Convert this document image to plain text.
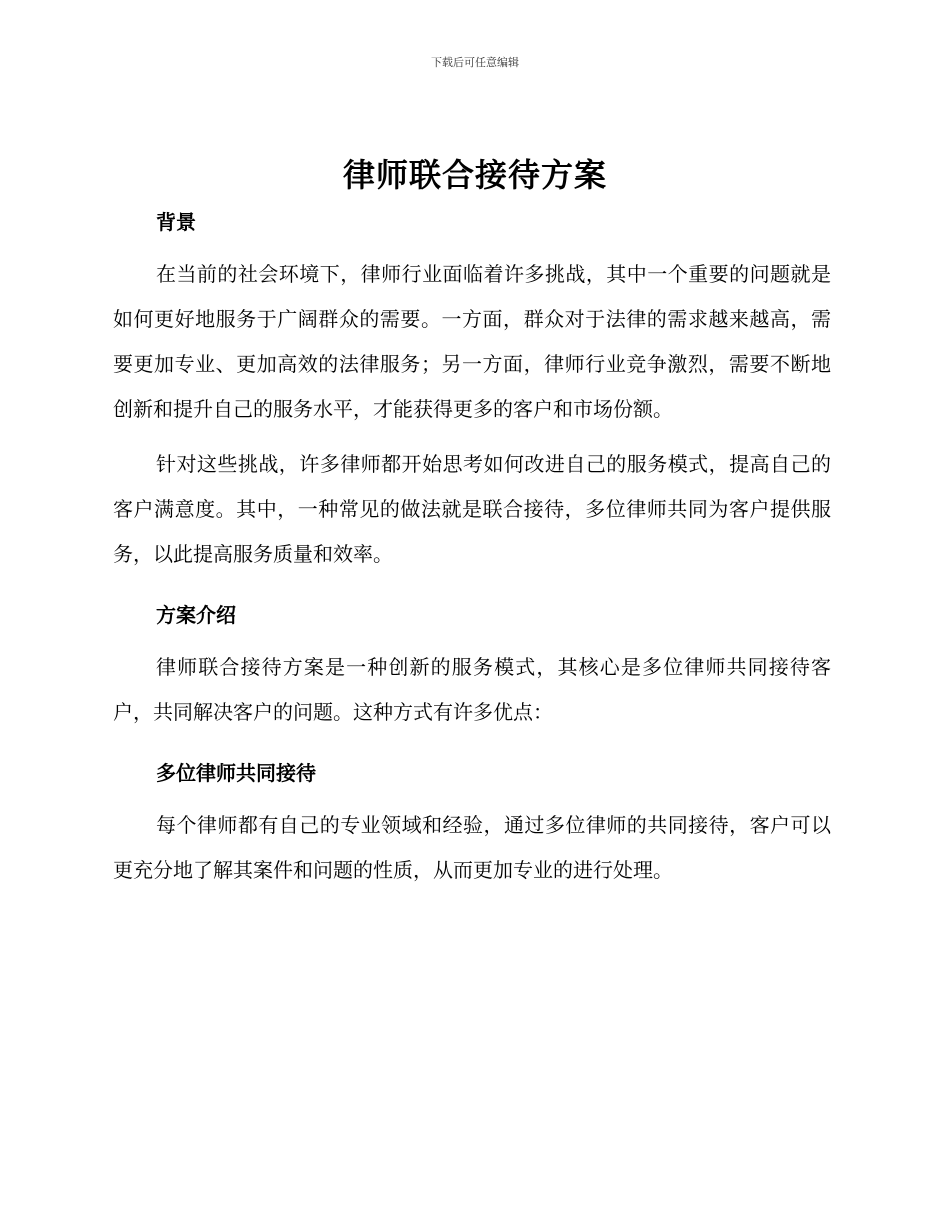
下载后可任意编辑
律师联合接待方案
背景

在当前的社会环境下，律师行业面临着许多挑战，其中一个重要的问题就是如何更好地服务于广阔群众的需要。一方面，群众对于法律的需求越来越高，需要更加专业、更加高效的法律服务；另一方面，律师行业竞争激烈，需要不断地创新和提升自己的服务水平，才能获得更多的客户和市场份额。

针对这些挑战，许多律师都开始思考如何改进自己的服务模式，提高自己的客户满意度。其中，一种常见的做法就是联合接待，多位律师共同为客户提供服务，以此提高服务质量和效率。

方案介绍

律师联合接待方案是一种创新的服务模式，其核心是多位律师共同接待客户，共同解决客户的问题。这种方式有许多优点：

多位律师共同接待

每个律师都有自己的专业领域和经验，通过多位律师的共同接待，客户可以更充分地了解其案件和问题的性质，从而更加专业的进行处理。
